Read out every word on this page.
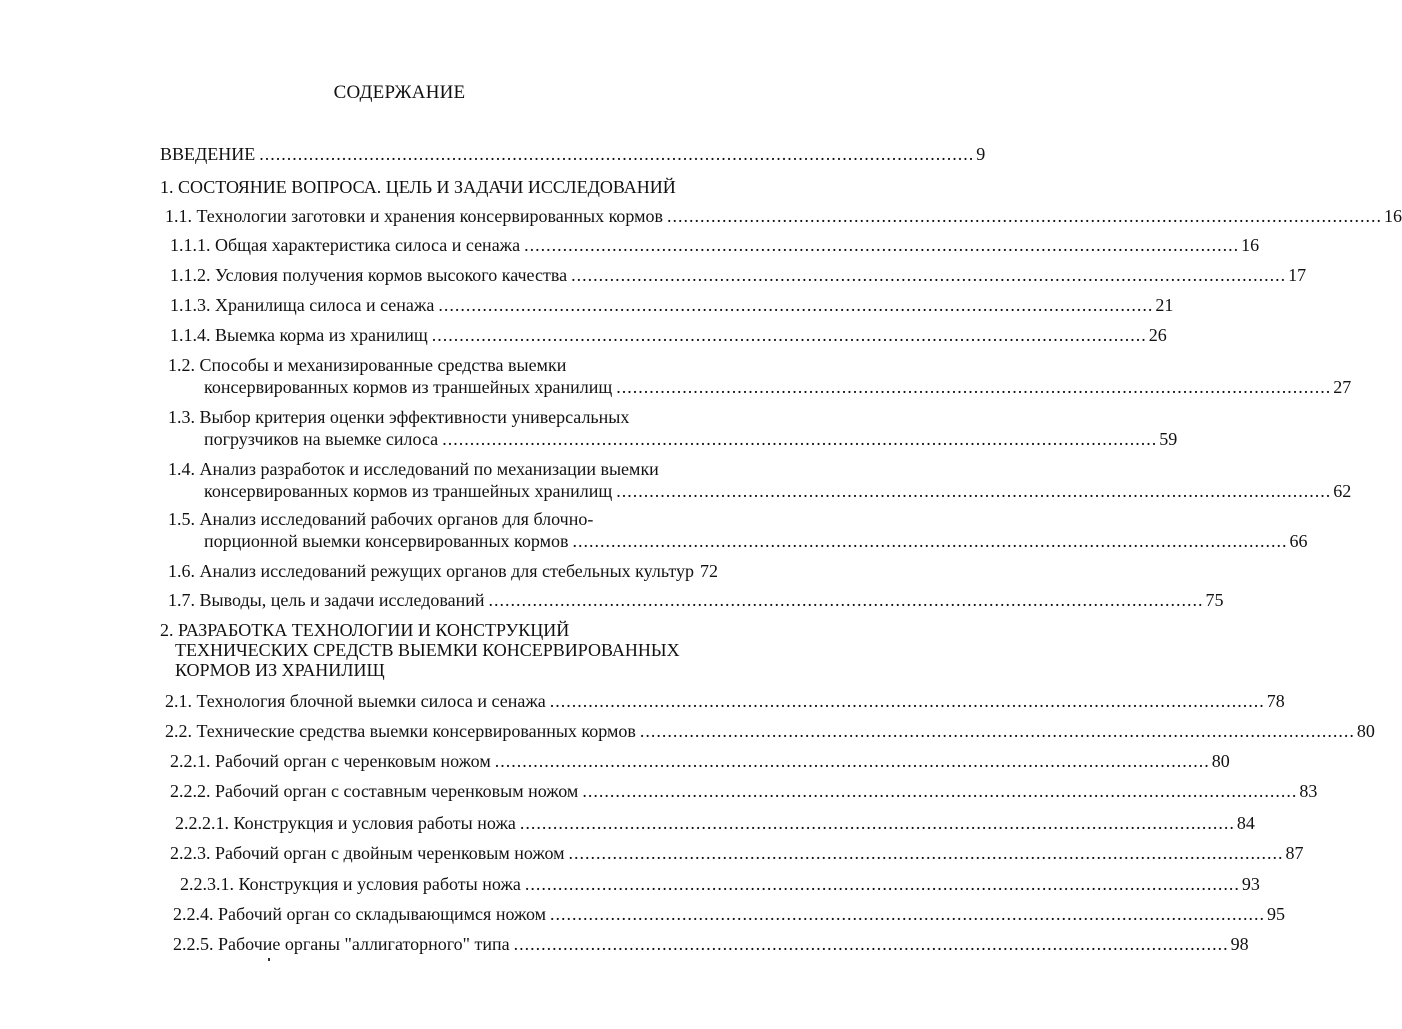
СОДЕРЖАНИЕ
ВВЕДЕНИЕ .................................................................................................................................. 9
1. СОСТОЯНИЕ ВОПРОСА. ЦЕЛЬ И ЗАДАЧИ ИССЛЕДОВАНИЙ
1.1. Технологии заготовки и хранения консервированных кормов .................................................................................................................................. 16
1.1.1. Общая характеристика силоса и сенажа .................................................................................................................................. 16
1.1.2. Условия получения кормов высокого качества .................................................................................................................................. 17
1.1.3. Хранилища силоса и сенажа .................................................................................................................................. 21
1.1.4. Выемка корма из хранилищ .................................................................................................................................. 26
1.2. Способы и механизированные средства выемки
консервированных кормов из траншейных хранилищ .................................................................................................................................. 27
1.3. Выбор критерия оценки эффективности универсальных
погрузчиков на выемке силоса .................................................................................................................................. 59
1.4. Анализ разработок и исследований по механизации выемки
консервированных кормов из траншейных хранилищ .................................................................................................................................. 62
1.5. Анализ исследований рабочих органов для блочно-
порционной выемки консервированных кормов .................................................................................................................................. 66
1.6. Анализ исследований режущих органов для стебельных культур 72
1.7. Выводы, цель и задачи исследований .................................................................................................................................. 75
2. РАЗРАБОТКА ТЕХНОЛОГИИ И КОНСТРУКЦИЙ
ТЕХНИЧЕСКИХ СРЕДСТВ ВЫЕМКИ КОНСЕРВИРОВАННЫХ
КОРМОВ ИЗ ХРАНИЛИЩ
2.1. Технология блочной выемки силоса и сенажа .................................................................................................................................. 78
2.2. Технические средства выемки консервированных кормов .................................................................................................................................. 80
2.2.1. Рабочий орган с черенковым ножом .................................................................................................................................. 80
2.2.2. Рабочий орган с составным черенковым ножом .................................................................................................................................. 83
2.2.2.1. Конструкция и условия работы ножа .................................................................................................................................. 84
2.2.3. Рабочий орган с двойным черенковым ножом .................................................................................................................................. 87
2.2.3.1. Конструкция и условия работы ножа .................................................................................................................................. 93
2.2.4. Рабочий орган со складывающимся ножом .................................................................................................................................. 95
2.2.5. Рабочие органы "аллигаторного" типа .................................................................................................................................. 98
